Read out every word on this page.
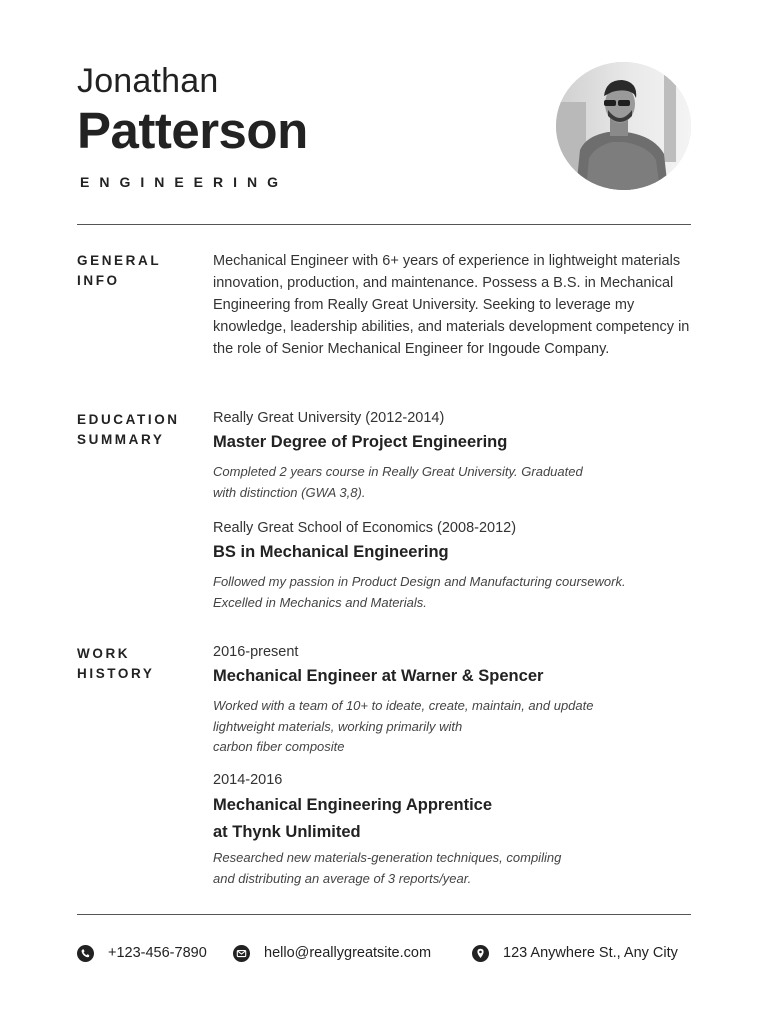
Jonathan
Patterson
ENGINEERING
GENERAL
INFO
Mechanical Engineer with 6+ years of experience in lightweight materials innovation, production, and maintenance. Possess a B.S. in Mechanical Engineering from Really Great University. Seeking to leverage my knowledge, leadership abilities, and materials development competency in the role of Senior Mechanical Engineer for Ingoude Company.
EDUCATION
SUMMARY
Really Great University (2012-2014)
Master Degree of Project Engineering
Completed 2 years course in Really Great University. Graduated
with distinction (GWA 3,8).
Really Great School of Economics (2008-2012)
BS in Mechanical Engineering
Followed my passion in Product Design and Manufacturing coursework.
Excelled in Mechanics and Materials.
WORK
HISTORY
2016-present
Mechanical Engineer at Warner & Spencer
Worked with a team of 10+ to ideate, create, maintain, and update
lightweight materials, working primarily with
carbon fiber composite
2014-2016
Mechanical Engineering Apprentice
at Thynk Unlimited
Researched new materials-generation techniques, compiling
and distributing an average of 3 reports/year.
+123-456-7890	hello@reallygreatsite.com	123 Anywhere St., Any City
